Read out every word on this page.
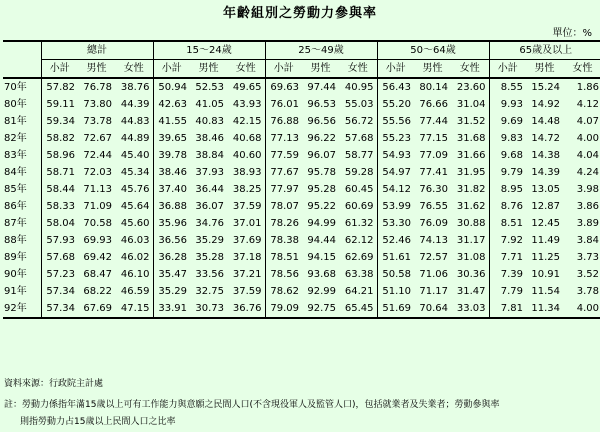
年齡組別之勞動力參與率
單位：%
	總計			15～24歲			25～49歲			50～64歲			65歲及以上		
	小計	男性	女性	小計	男性	女性	小計	男性	女性	小計	男性	女性	小計	男性	女性
70年	57.82	76.78	38.76	50.94	52.53	49.65	69.63	97.44	40.95	56.43	80.14	23.60	8.55	15.24	1.86
80年	59.11	73.80	44.39	42.63	41.05	43.93	76.01	96.53	55.03	55.20	76.66	31.04	9.93	14.92	4.12
81年	59.34	73.78	44.83	41.55	40.83	42.15	76.88	96.56	56.72	55.56	77.44	31.52	9.69	14.48	4.07
82年	58.82	72.67	44.89	39.65	38.46	40.68	77.13	96.22	57.68	55.23	77.15	31.68	9.83	14.72	4.00
83年	58.96	72.44	45.40	39.78	38.84	40.60	77.59	96.07	58.77	54.93	77.09	31.66	9.68	14.38	4.04
84年	58.71	72.03	45.34	38.46	37.93	38.93	77.67	95.78	59.28	54.97	77.41	31.95	9.79	14.39	4.24
85年	58.44	71.13	45.76	37.40	36.44	38.25	77.97	95.28	60.45	54.12	76.30	31.82	8.95	13.05	3.98
86年	58.33	71.09	45.64	36.88	36.07	37.59	78.07	95.22	60.69	53.99	76.55	31.62	8.76	12.87	3.86
87年	58.04	70.58	45.60	35.96	34.76	37.01	78.26	94.99	61.32	53.30	76.09	30.88	8.51	12.45	3.89
88年	57.93	69.93	46.03	36.56	35.29	37.69	78.38	94.44	62.12	52.46	74.13	31.17	7.92	11.49	3.84
89年	57.68	69.42	46.02	36.28	35.28	37.18	78.51	94.15	62.69	51.61	72.57	31.08	7.71	11.25	3.73
90年	57.23	68.47	46.10	35.47	33.56	37.21	78.56	93.68	63.38	50.58	71.06	30.36	7.39	10.91	3.52
91年	57.34	68.22	46.59	35.29	32.75	37.59	78.62	92.99	64.21	51.10	71.17	31.47	7.79	11.54	3.78
92年	57.34	67.69	47.15	33.91	30.73	36.76	79.09	92.75	65.45	51.69	70.64	33.03	7.81	11.34	4.00
資料來源：行政院主計處
註：勞動力係指年滿15歲以上可有工作能力與意願之民間人口(不含現役軍人及監管人口)，包括就業者及失業者；勞動參與率
則指勞動力占15歲以上民間人口之比率
